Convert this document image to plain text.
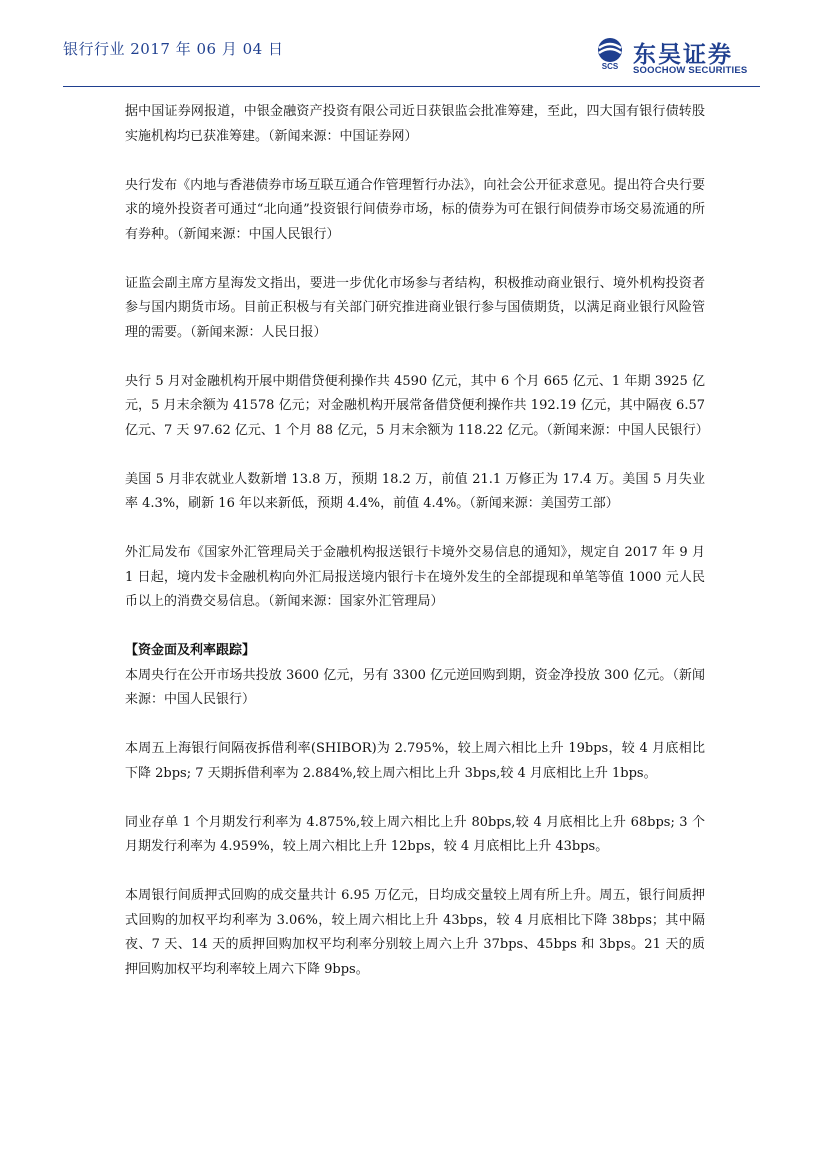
银行行业 2017 年 06 月 04 日
SCS 东吴证券
SOOCHOW SECURITIES

据中国证券网报道，中银金融资产投资有限公司近日获银监会批准筹建，至此，四大国有银行债转股实施机构均已获准筹建。（新闻来源：中国证券网）

央行发布《内地与香港债券市场互联互通合作管理暂行办法》，向社会公开征求意见。提出符合央行要求的境外投资者可通过“北向通”投资银行间债券市场，标的债券为可在银行间债券市场交易流通的所有券种。（新闻来源：中国人民银行）

证监会副主席方星海发文指出，要进一步优化市场参与者结构，积极推动商业银行、境外机构投资者参与国内期货市场。目前正积极与有关部门研究推进商业银行参与国债期货，以满足商业银行风险管理的需要。（新闻来源：人民日报）

央行 5 月对金融机构开展中期借贷便利操作共 4590 亿元，其中 6 个月 665 亿元、1 年期 3925 亿元，5 月末余额为 41578 亿元；对金融机构开展常备借贷便利操作共 192.19 亿元，其中隔夜 6.57 亿元、7 天 97.62 亿元、1 个月 88 亿元，5 月末余额为 118.22 亿元。（新闻来源：中国人民银行）

美国 5 月非农就业人数新增 13.8 万，预期 18.2 万，前值 21.1 万修正为 17.4 万。美国 5 月失业率 4.3%，刷新 16 年以来新低，预期 4.4%，前值 4.4%。（新闻来源：美国劳工部）

外汇局发布《国家外汇管理局关于金融机构报送银行卡境外交易信息的通知》，规定自 2017 年 9 月 1 日起，境内发卡金融机构向外汇局报送境内银行卡在境外发生的全部提现和单笔等值 1000 元人民币以上的消费交易信息。（新闻来源：国家外汇管理局）

【资金面及利率跟踪】

本周央行在公开市场共投放 3600 亿元，另有 3300 亿元逆回购到期，资金净投放 300 亿元。（新闻来源：中国人民银行）

本周五上海银行间隔夜拆借利率(SHIBOR)为 2.795%，较上周六相比上升 19bps，较 4 月底相比下降 2bps; 7 天期拆借利率为 2.884%,较上周六相比上升 3bps,较 4 月底相比上升 1bps。

同业存单 1 个月期发行利率为 4.875%,较上周六相比上升 80bps,较 4 月底相比上升 68bps; 3 个月期发行利率为 4.959%，较上周六相比上升 12bps，较 4 月底相比上升 43bps。

本周银行间质押式回购的成交量共计 6.95 万亿元，日均成交量较上周有所上升。周五，银行间质押式回购的加权平均利率为 3.06%，较上周六相比上升 43bps，较 4 月底相比下降 38bps；其中隔夜、7 天、14 天的质押回购加权平均利率分别较上周六上升 37bps、45bps 和 3bps。21 天的质押回购加权平均利率较上周六下降 9bps。
